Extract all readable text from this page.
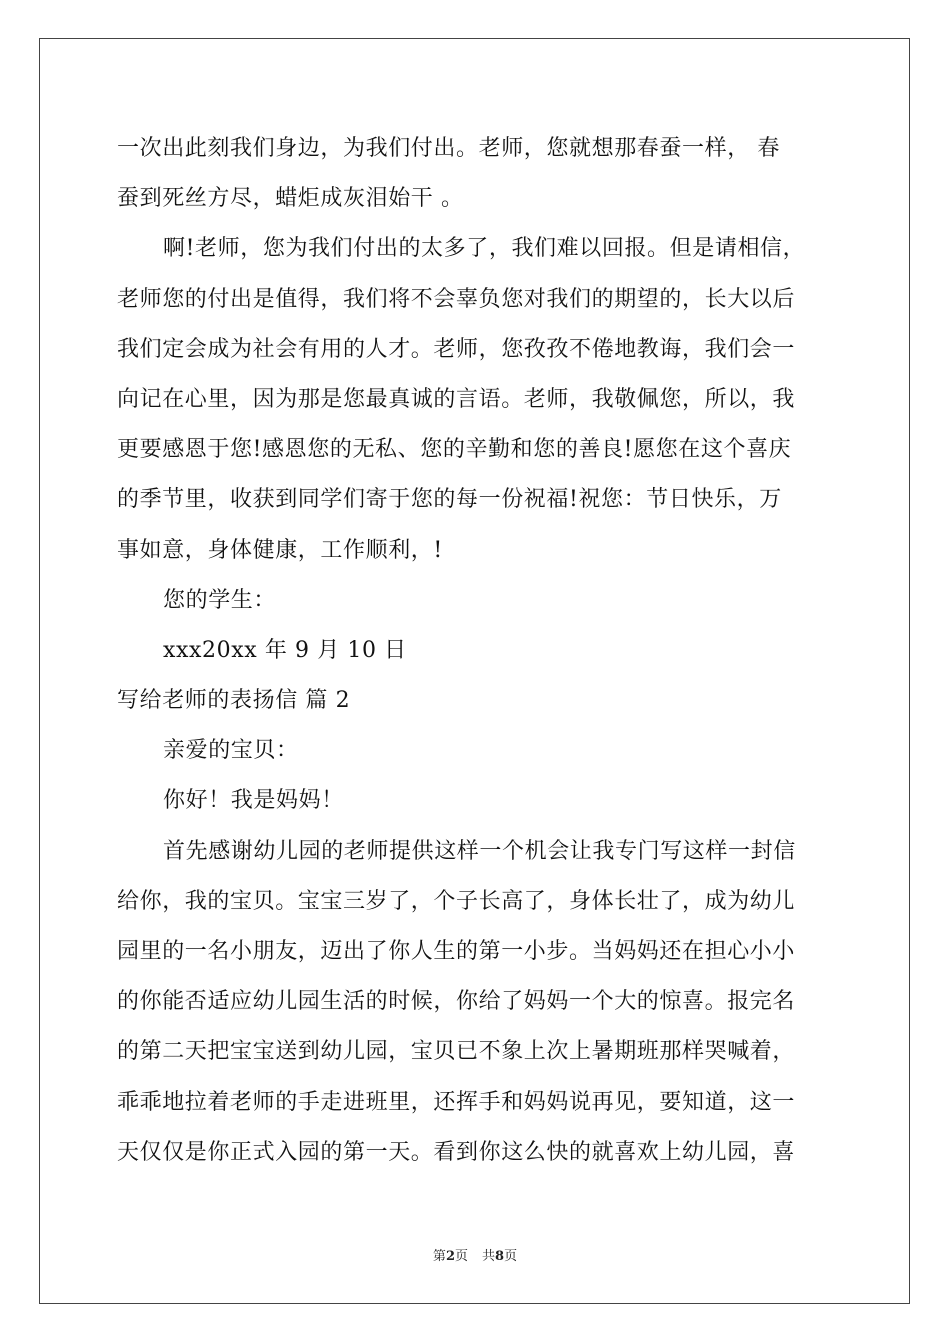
一次出此刻我们身边，为我们付出。老师，您就想那春蚕一样， 春
蚕到死丝方尽，蜡炬成灰泪始干 。
啊!老师，您为我们付出的太多了，我们难以回报。但是请相信，
老师您的付出是值得，我们将不会辜负您对我们的期望的，长大以后
我们定会成为社会有用的人才。老师，您孜孜不倦地教诲，我们会一
向记在心里，因为那是您最真诚的言语。老师，我敬佩您，所以，我
更要感恩于您!感恩您的无私、您的辛勤和您的善良!愿您在这个喜庆
的季节里，收获到同学们寄于您的每一份祝福!祝您：节日快乐，万
事如意，身体健康，工作顺利，!
您的学生：
xxx20xx 年 9 月 10 日
写给老师的表扬信 篇 2
亲爱的宝贝：
你好！我是妈妈！
首先感谢幼儿园的老师提供这样一个机会让我专门写这样一封信
给你，我的宝贝。宝宝三岁了，个子长高了，身体长壮了，成为幼儿
园里的一名小朋友，迈出了你人生的第一小步。当妈妈还在担心小小
的你能否适应幼儿园生活的时候，你给了妈妈一个大的惊喜。报完名
的第二天把宝宝送到幼儿园，宝贝已不象上次上暑期班那样哭喊着，
乖乖地拉着老师的手走进班里，还挥手和妈妈说再见，要知道，这一
天仅仅是你正式入园的第一天。看到你这么快的就喜欢上幼儿园，喜
第2页 共8页
